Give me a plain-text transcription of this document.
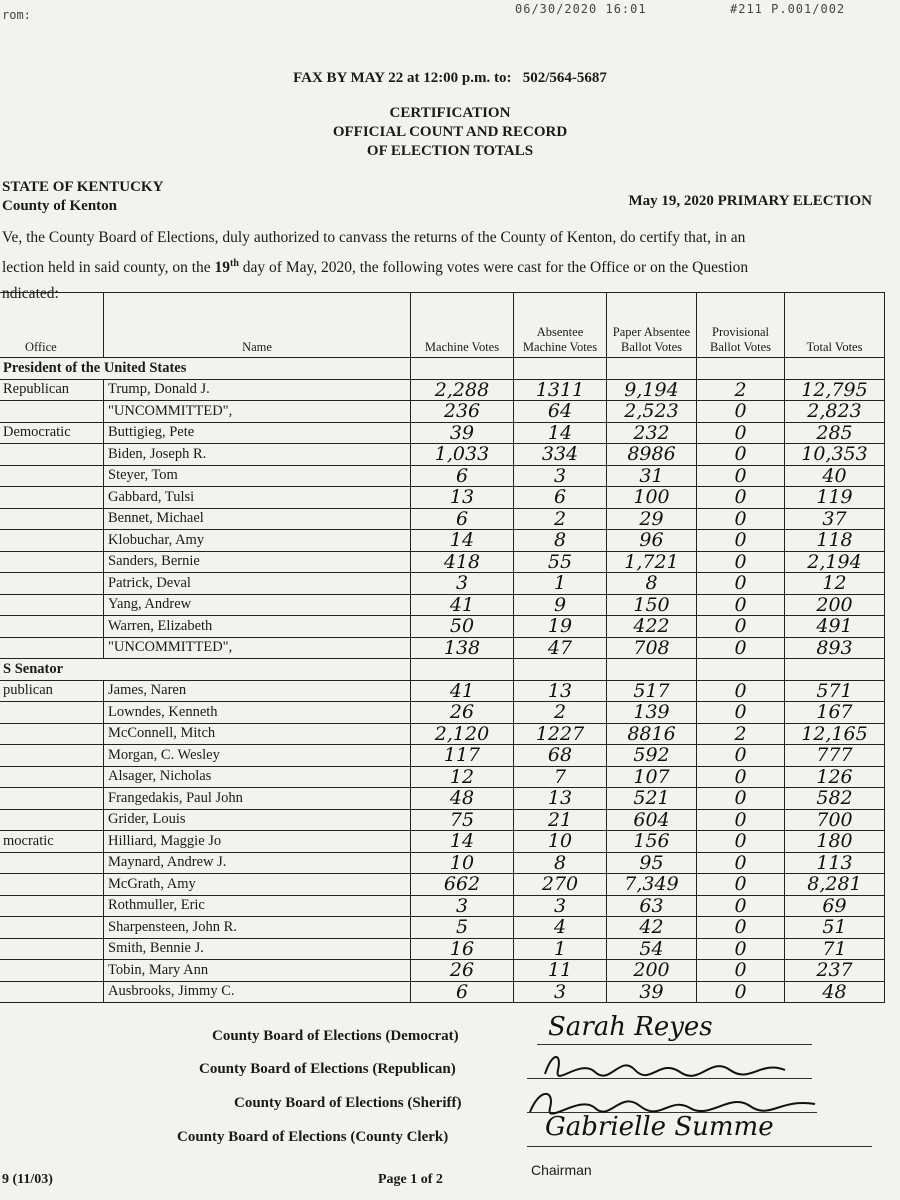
rom:	06/30/2020 16:01	#211 P.001/002
FAX BY MAY 22 at 12:00 p.m. to:   502/564-5687
CERTIFICATION
OFFICIAL COUNT AND RECORD
OF ELECTION TOTALS
STATE OF KENTUCKY
County of Kenton	May 19, 2020 PRIMARY ELECTION

Ve, the County Board of Elections, duly authorized to canvass the returns of the County of Kenton, do certify that, in an

lection held in said county, on the 19th day of May, 2020, the following votes were cast for the Office or on the Question

ndicated:

Office	Name	Machine Votes	Absentee Machine Votes	Paper Absentee Ballot Votes	Provisional Ballot Votes	Total Votes
President of the United States						
Republican	Trump, Donald J.	2,288	1311	9,194	2	12,795
	"UNCOMMITTED",	236	64	2,523	0	2,823
Democratic	Buttigieg, Pete	39	14	232	0	285
	Biden, Joseph R.	1,033	334	8986	0	10,353
	Steyer, Tom	6	3	31	0	40
	Gabbard, Tulsi	13	6	100	0	119
	Bennet, Michael	6	2	29	0	37
	Klobuchar, Amy	14	8	96	0	118
	Sanders, Bernie	418	55	1,721	0	2,194
	Patrick, Deval	3	1	8	0	12
	Yang, Andrew	41	9	150	0	200
	Warren, Elizabeth	50	19	422	0	491
	"UNCOMMITTED",	138	47	708	0	893
S Senator						
publican	James, Naren	41	13	517	0	571
	Lowndes, Kenneth	26	2	139	0	167
	McConnell, Mitch	2,120	1227	8816	2	12,165
	Morgan, C. Wesley	117	68	592	0	777
	Alsager, Nicholas	12	7	107	0	126
	Frangedakis, Paul John	48	13	521	0	582
	Grider, Louis	75	21	604	0	700
mocratic	Hilliard, Maggie Jo	14	10	156	0	180
	Maynard, Andrew J.	10	8	95	0	113
	McGrath, Amy	662	270	7,349	0	8,281
	Rothmuller, Eric	3	3	63	0	69
	Sharpensteen, John R.	5	4	42	0	51
	Smith, Bennie J.	16	1	54	0	71
	Tobin, Mary Ann	26	11	200	0	237
	Ausbrooks, Jimmy C.	6	3	39	0	48
County Board of Elections (Democrat)	Sarah Reyes
County Board of Elections (Republican)
County Board of Elections (Sheriff)
County Board of Elections (County Clerk)	Gabrielle Summe
Chairman
9 (11/03)	Page 1 of 2
